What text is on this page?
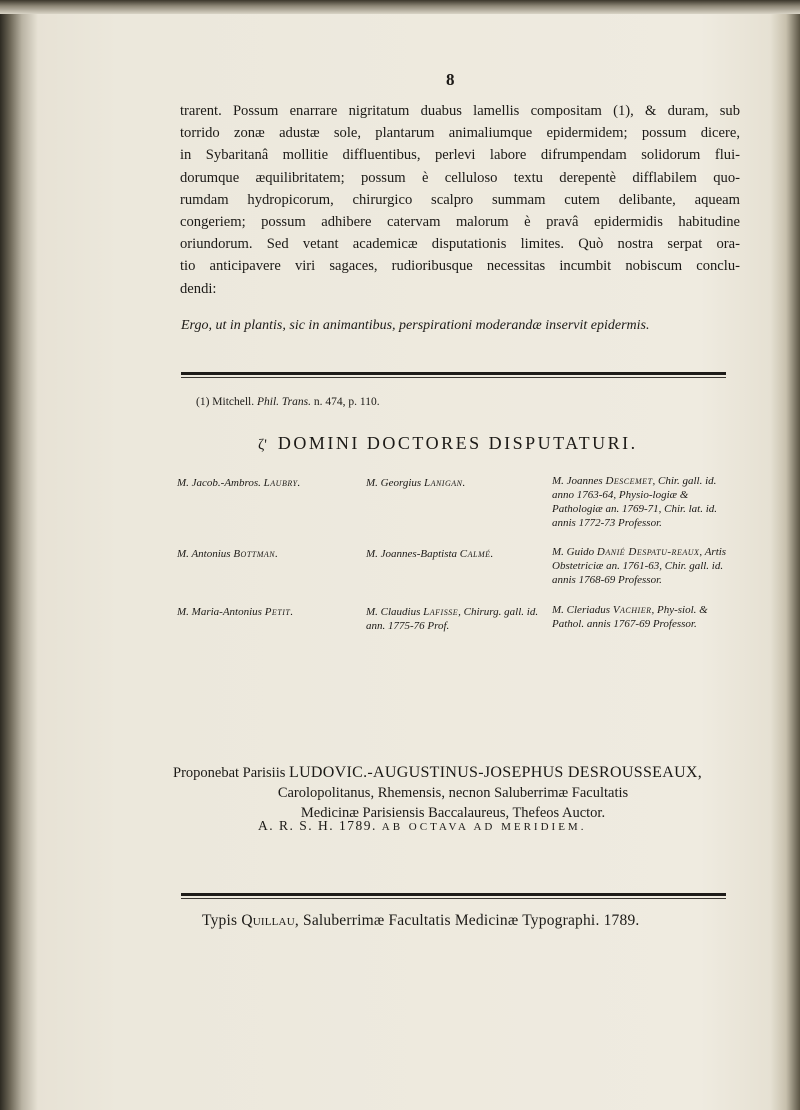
8
trarent. Possum enarrare nigritatum duabus lamellis compositam (1), & duram, sub
torrido zonæ adustæ sole, plantarum animaliumque epidermidem; possum dicere,
in Sybaritanâ mollitie diffluentibus, perlevi labore difrumpendam solidorum flui-
dorumque æquilibritatem; possum è celluloso textu derepentè difflabilem quo-
rumdam hydropicorum, chirurgico scalpro summam cutem delibante, aqueam
congeriem; possum adhibere catervam malorum è pravâ epidermidis habitudine
oriundorum. Sed vetant academicæ disputationis limites. Quò nostra serpat ora-
tio anticipavere viri sagaces, rudioribusque necessitas incumbit nobiscum conclu-
dendi:
Ergo, ut in plantis, sic in animantibus, perspirationi moderandæ inservit epidermis.
(1) Mitchell. Phil. Trans. n. 474, p. 110.
ζ' DOMINI DOCTORES DISPUTATURI.
M. Jacob.-Ambros. Laubry.
M. Antonius Bottman.
M. Maria-Antonius Petit.
M. Georgius Lanigan.
M. Joannes-Baptista Calmé.
M. Claudius Lafisse, Chirurg. gall. id. ann. 1775-76 Prof.
M. Joannes Descemet, Chir. gall. id. anno 1763-64, Physio-logiæ & Pathologiæ an. 1769-71, Chir. lat. id. annis 1772-73 Professor.
M. Guido Danié Despatu-reaux, Artis Obstetriciæ an. 1761-63, Chir. gall. id. annis 1768-69 Professor.
M. Cleriadus Vachier, Phy-siol. & Pathol. annis 1767-69 Professor.
Proponebat Parisiis LUDOVIC.-AUGUSTINUS-JOSEPHUS DESROUSSEAUX,
Carolopolitanus, Rhemensis, necnon Saluberrimæ Facultatis
Medicinæ Parisiensis Baccalaureus, Thefeos Auctor.
A. R. S. H. 1789. AB OCTAVA AD MERIDIEM.
Typis Quillau, Saluberrimæ Facultatis Medicinæ Typographi. 1789.
